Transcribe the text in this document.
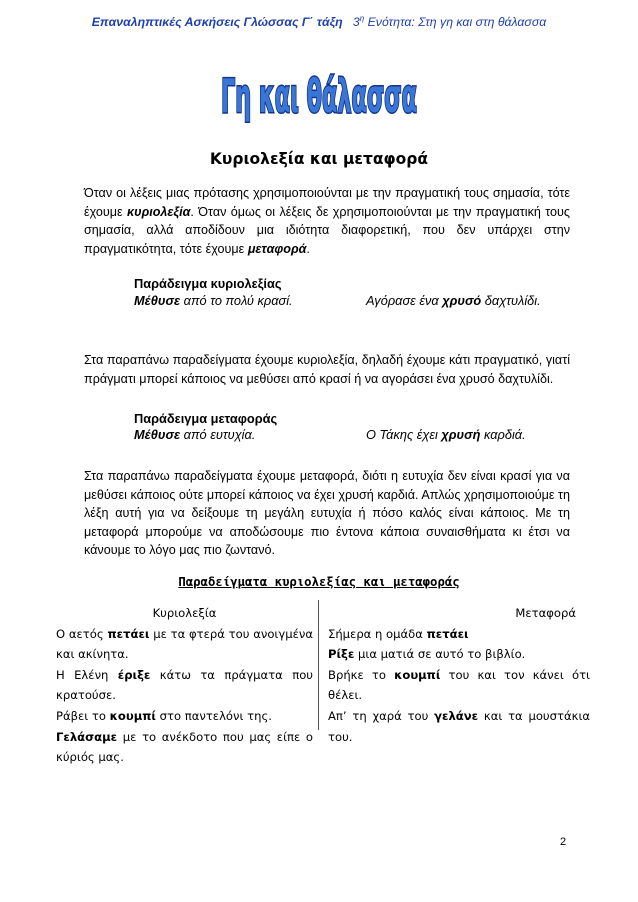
Επαναληπτικές Ασκήσεις Γλώσσας Γ΄ τάξη $3^\eta$ Ενότητα: Στη γη και στη θάλασσα
Γη και θάλασσα
Κυριολεξία και μεταφορά
Όταν οι λέξεις μιας πρότασης χρησιμοποιούνται με την πραγματική τους σημασία, τότε έχουμε κυριολεξία. Όταν όμως οι λέξεις δε χρησιμοποιούνται με την πραγματική τους σημασία, αλλά αποδίδουν μια ιδιότητα διαφορετική, που δεν υπάρχει στην πραγματικότητα, τότε έχουμε μεταφορά.
Παράδειγμα κυριολεξίας
Μέθυσε από το πολύ κρασί.	Αγόρασε ένα χρυσό δαχτυλίδι.
Στα παραπάνω παραδείγματα έχουμε κυριολεξία, δηλαδή έχουμε κάτι πραγματικό, γιατί πράγματι μπορεί κάποιος να μεθύσει από κρασί ή να αγοράσει ένα χρυσό δαχτυλίδι.
Παράδειγμα μεταφοράς
Μέθυσε από ευτυχία.	Ο Τάκης έχει χρυσή καρδιά.
Στα παραπάνω παραδείγματα έχουμε μεταφορά, διότι η ευτυχία δεν είναι κρασί για να μεθύσει κάποιος ούτε μπορεί κάποιος να έχει χρυσή καρδιά. Απλώς χρησιμοποιούμε τη λέξη αυτή για να δείξουμε τη μεγάλη ευτυχία ή πόσο καλός είναι κάποιος. Με τη μεταφορά μπορούμε να αποδώσουμε πιο έντονα κάποια συναισθήματα κι έτσι να κάνουμε το λόγο μας πιο ζωντανό.
Παραδείγματα κυριολεξίας και μεταφοράς
Κυριολεξία
Ο αετός πετάει με τα φτερά του ανοιγμένα και ακίνητα.
Η Ελένη έριξε κάτω τα πράγματα που κρατούσε.
Ράβει το κουμπί στο παντελόνι της.
Γελάσαμε με το ανέκδοτο που μας είπε ο κύριός μας.
Μεταφορά
Σήμερα η ομάδα πετάει
Ρίξε μια ματιά σε αυτό το βιβλίο.
Βρήκε το κουμπί του και τον κάνει ότι θέλει.
Απ’ τη χαρά του γελάνε και τα μουστάκια του.
2
